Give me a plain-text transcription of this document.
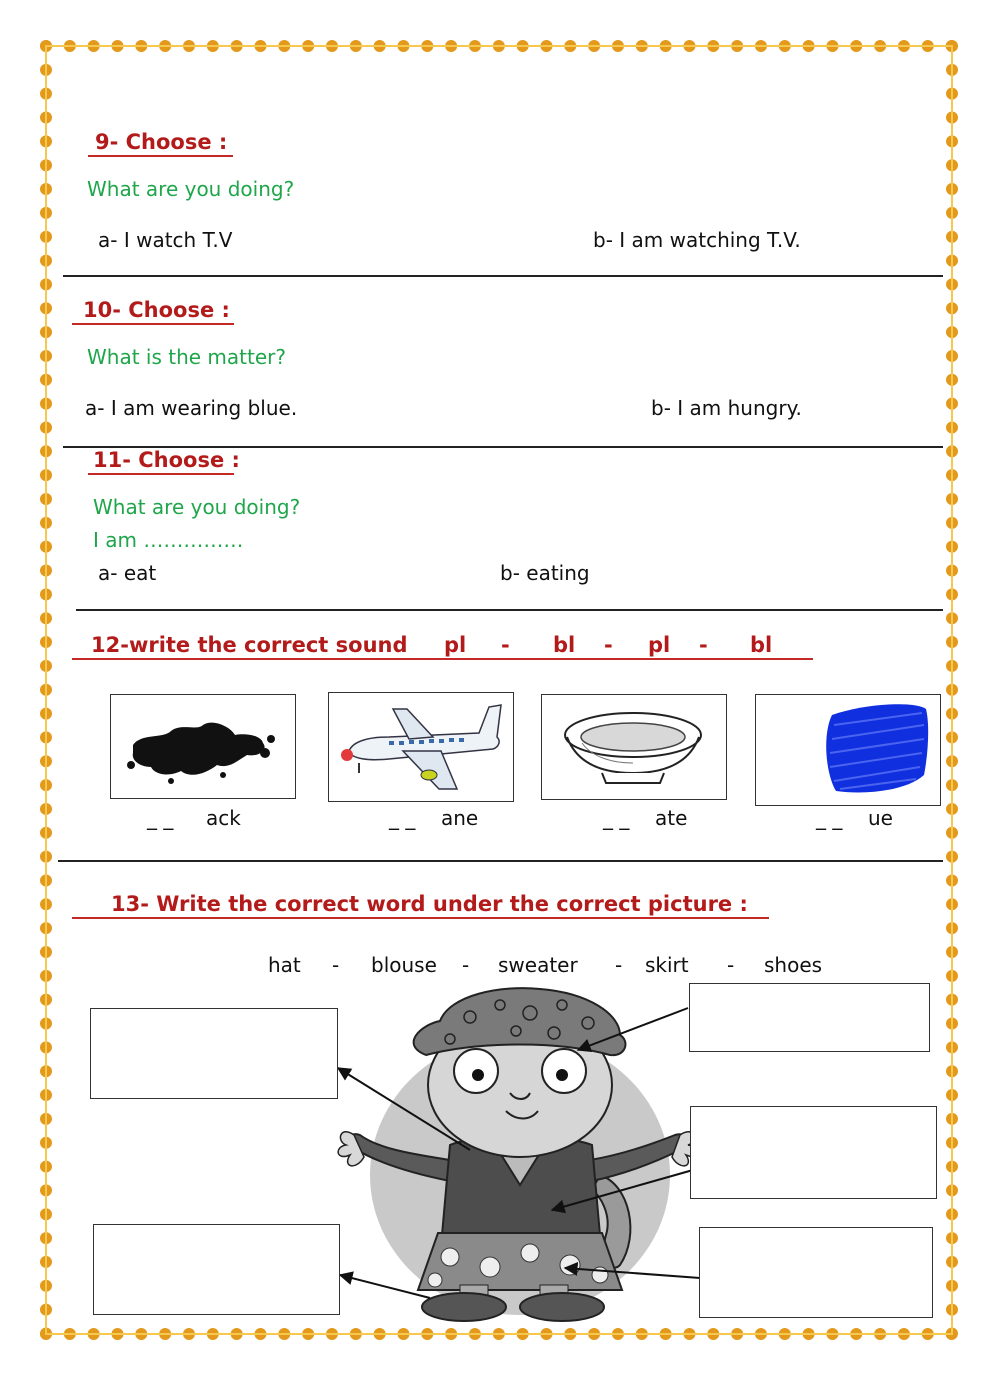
9- Choose :
What are you doing?
a- I watch T.V	b- I am watching T.V.
10- Choose :
What is the matter?
a- I am wearing blue.	b- I am hungry.
11- Choose :
What are you doing?
I am ……………
a- eat	b- eating
12-write the correct sound pl - bl - pl - bl
_ _ ack	_ _ ane	_ _ ate	_ _ ue
13- Write the correct word under the correct picture :
hat - blouse - sweater - skirt - shoes
